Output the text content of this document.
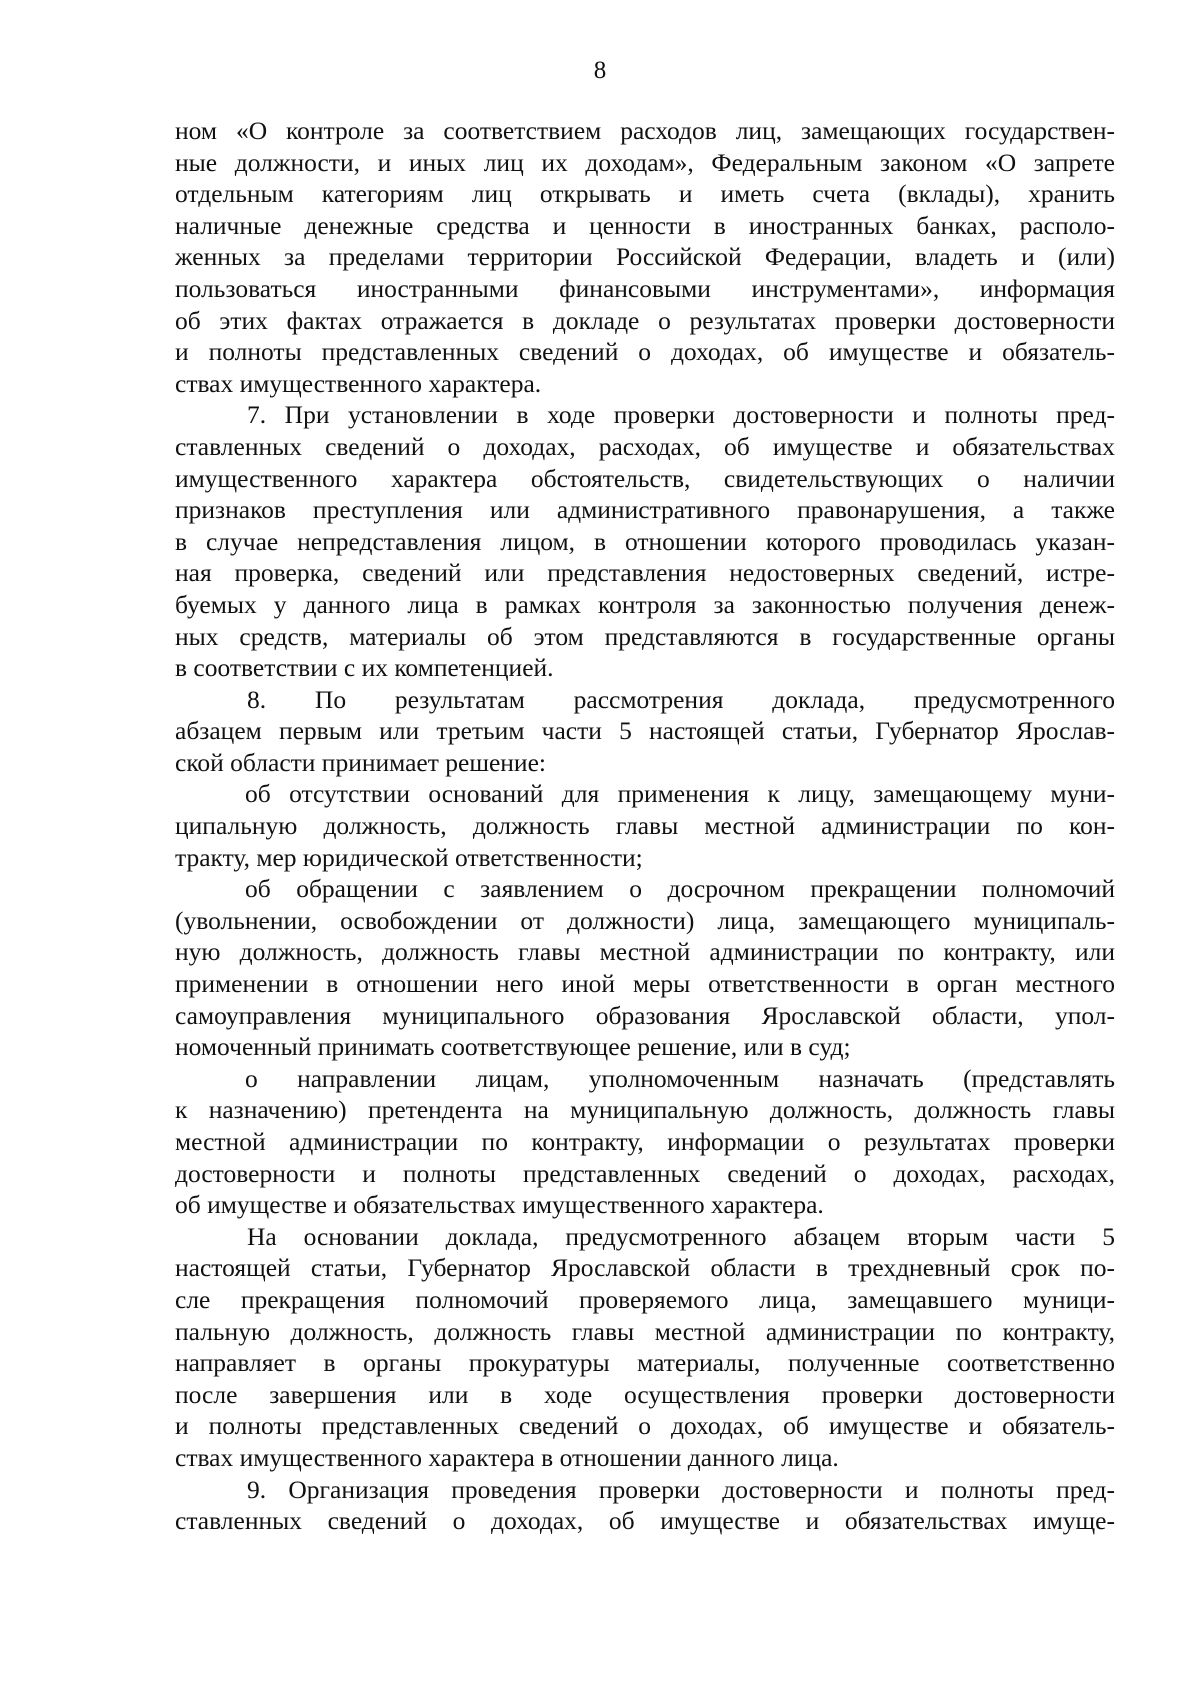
8
ном «О контроле за соответствием расходов лиц, замещающих государствен-
ные должности, и иных лиц их доходам», Федеральным законом «О запрете
отдельным категориям лиц открывать и иметь счета (вклады), хранить
наличные денежные средства и ценности в иностранных банках, располо-
женных за пределами территории Российской Федерации, владеть и (или)
пользоваться иностранными финансовыми инструментами», информация
об этих фактах отражается в докладе о результатах проверки достоверности
и полноты представленных сведений о доходах, об имуществе и обязатель-
ствах имущественного характера.
7. При установлении в ходе проверки достоверности и полноты пред-
ставленных сведений о доходах, расходах, об имуществе и обязательствах
имущественного характера обстоятельств, свидетельствующих о наличии
признаков преступления или административного правонарушения, а также
в случае непредставления лицом, в отношении которого проводилась указан-
ная проверка, сведений или представления недостоверных сведений, истре-
буемых у данного лица в рамках контроля за законностью получения денеж-
ных средств, материалы об этом представляются в государственные органы
в соответствии с их компетенцией.
8. По результатам рассмотрения доклада, предусмотренного
абзацем первым или третьим части 5 настоящей статьи, Губернатор Ярослав-
ской области принимает решение:
об отсутствии оснований для применения к лицу, замещающему муни-
ципальную должность, должность главы местной администрации по кон-
тракту, мер юридической ответственности;
об обращении с заявлением о досрочном прекращении полномочий
(увольнении, освобождении от должности) лица, замещающего муниципаль-
ную должность, должность главы местной администрации по контракту, или
применении в отношении него иной меры ответственности в орган местного
самоуправления муниципального образования Ярославской области, упол-
номоченный принимать соответствующее решение, или в суд;
о направлении лицам, уполномоченным назначать (представлять
к назначению) претендента на муниципальную должность, должность главы
местной администрации по контракту, информации о результатах проверки
достоверности и полноты представленных сведений о доходах, расходах,
об имуществе и обязательствах имущественного характера.
На основании доклада, предусмотренного абзацем вторым части 5
настоящей статьи, Губернатор Ярославской области в трехдневный срок по-
сле прекращения полномочий проверяемого лица, замещавшего муници-
пальную должность, должность главы местной администрации по контракту,
направляет в органы прокуратуры материалы, полученные соответственно
после завершения или в ходе осуществления проверки достоверности
и полноты представленных сведений о доходах, об имуществе и обязатель-
ствах имущественного характера в отношении данного лица.
9. Организация проведения проверки достоверности и полноты пред-
ставленных сведений о доходах, об имуществе и обязательствах имуще-
